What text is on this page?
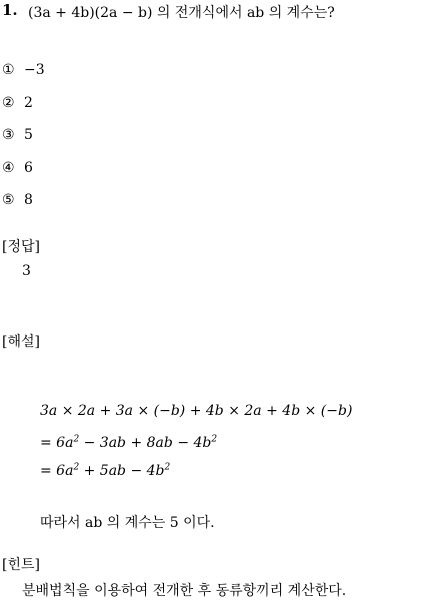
1. (3a + 4b)(2a − b) 의 전개식에서 ab 의 계수는?
① −3
② 2
③ 5
④ 6
⑤ 8
[정답]
3
[해설]
3a × 2a + 3a × (−b) + 4b × 2a + 4b × (−b)
= $6a^2 - 3ab + 8ab - 4b^2$
= $6a^2 + 5ab - 4b^2$
따라서 ab 의 계수는 5 이다.
[힌트]
분배법칙을 이용하여 전개한 후 동류항끼리 계산한다.
